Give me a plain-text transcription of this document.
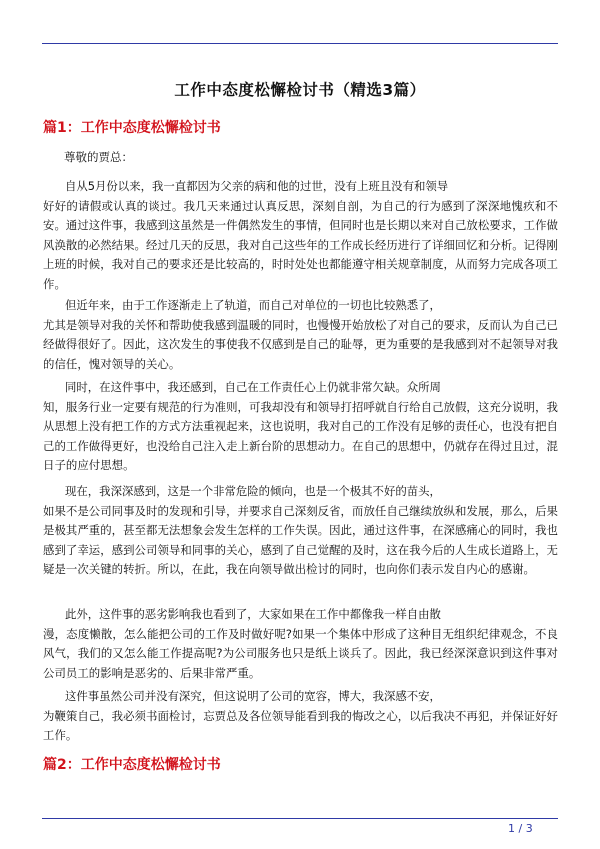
工作中态度松懈检讨书（精选3篇）
篇1：工作中态度松懈检讨书
尊敬的贾总：
自从5月份以来，我一直都因为父亲的病和他的过世，没有上班且没有和领导
好好的请假或认真的谈过。我几天来通过认真反思，深刻自剖，为自己的行为感到了深深地愧疚和不安。通过这件事，我感到这虽然是一件偶然发生的事情，但同时也是长期以来对自己放松要求，工作做风涣散的必然结果。经过几天的反思，我对自己这些年的工作成长经历进行了详细回忆和分析。记得刚上班的时候，我对自己的要求还是比较高的，时时处处也都能遵守相关规章制度，从而努力完成各项工作。
但近年来，由于工作逐渐走上了轨道，而自己对单位的一切也比较熟悉了，
尤其是领导对我的关怀和帮助使我感到温暖的同时，也慢慢开始放松了对自己的要求，反而认为自己已经做得很好了。因此，这次发生的事使我不仅感到是自己的耻辱，更为重要的是我感到对不起领导对我的信任，愧对领导的关心。
同时，在这件事中，我还感到，自己在工作责任心上仍就非常欠缺。众所周
知，服务行业一定要有规范的行为准则，可我却没有和领导打招呼就自行给自己放假，这充分说明，我从思想上没有把工作的方式方法重视起来，这也说明，我对自己的工作没有足够的责任心，也没有把自己的工作做得更好，也没给自己注入走上新台阶的思想动力。在自己的思想中，仍就存在得过且过，混日子的应付思想。
现在，我深深感到，这是一个非常危险的倾向，也是一个极其不好的苗头，
如果不是公司同事及时的发现和引导，并要求自己深刻反省，而放任自己继续放纵和发展，那么，后果是极其严重的，甚至都无法想象会发生怎样的工作失误。因此，通过这件事，在深感痛心的同时，我也感到了幸运，感到公司领导和同事的关心，感到了自己觉醒的及时，这在我今后的人生成长道路上，无疑是一次关键的转折。所以，在此，我在向领导做出检讨的同时，也向你们表示发自内心的感谢。
此外，这件事的恶劣影响我也看到了，大家如果在工作中都像我一样自由散
漫，态度懒散，怎么能把公司的工作及时做好呢?如果一个集体中形成了这种目无组织纪律观念，不良风气，我们的又怎么能工作提高呢?为公司服务也只是纸上谈兵了。因此，我已经深深意识到这件事对公司员工的影响是恶劣的、后果非常严重。
这件事虽然公司并没有深究，但这说明了公司的宽容，博大，我深感不安，
为鞭策自己，我必须书面检讨，忘贾总及各位领导能看到我的悔改之心，以后我决不再犯，并保证好好工作。
篇2：工作中态度松懈检讨书
1 / 3
